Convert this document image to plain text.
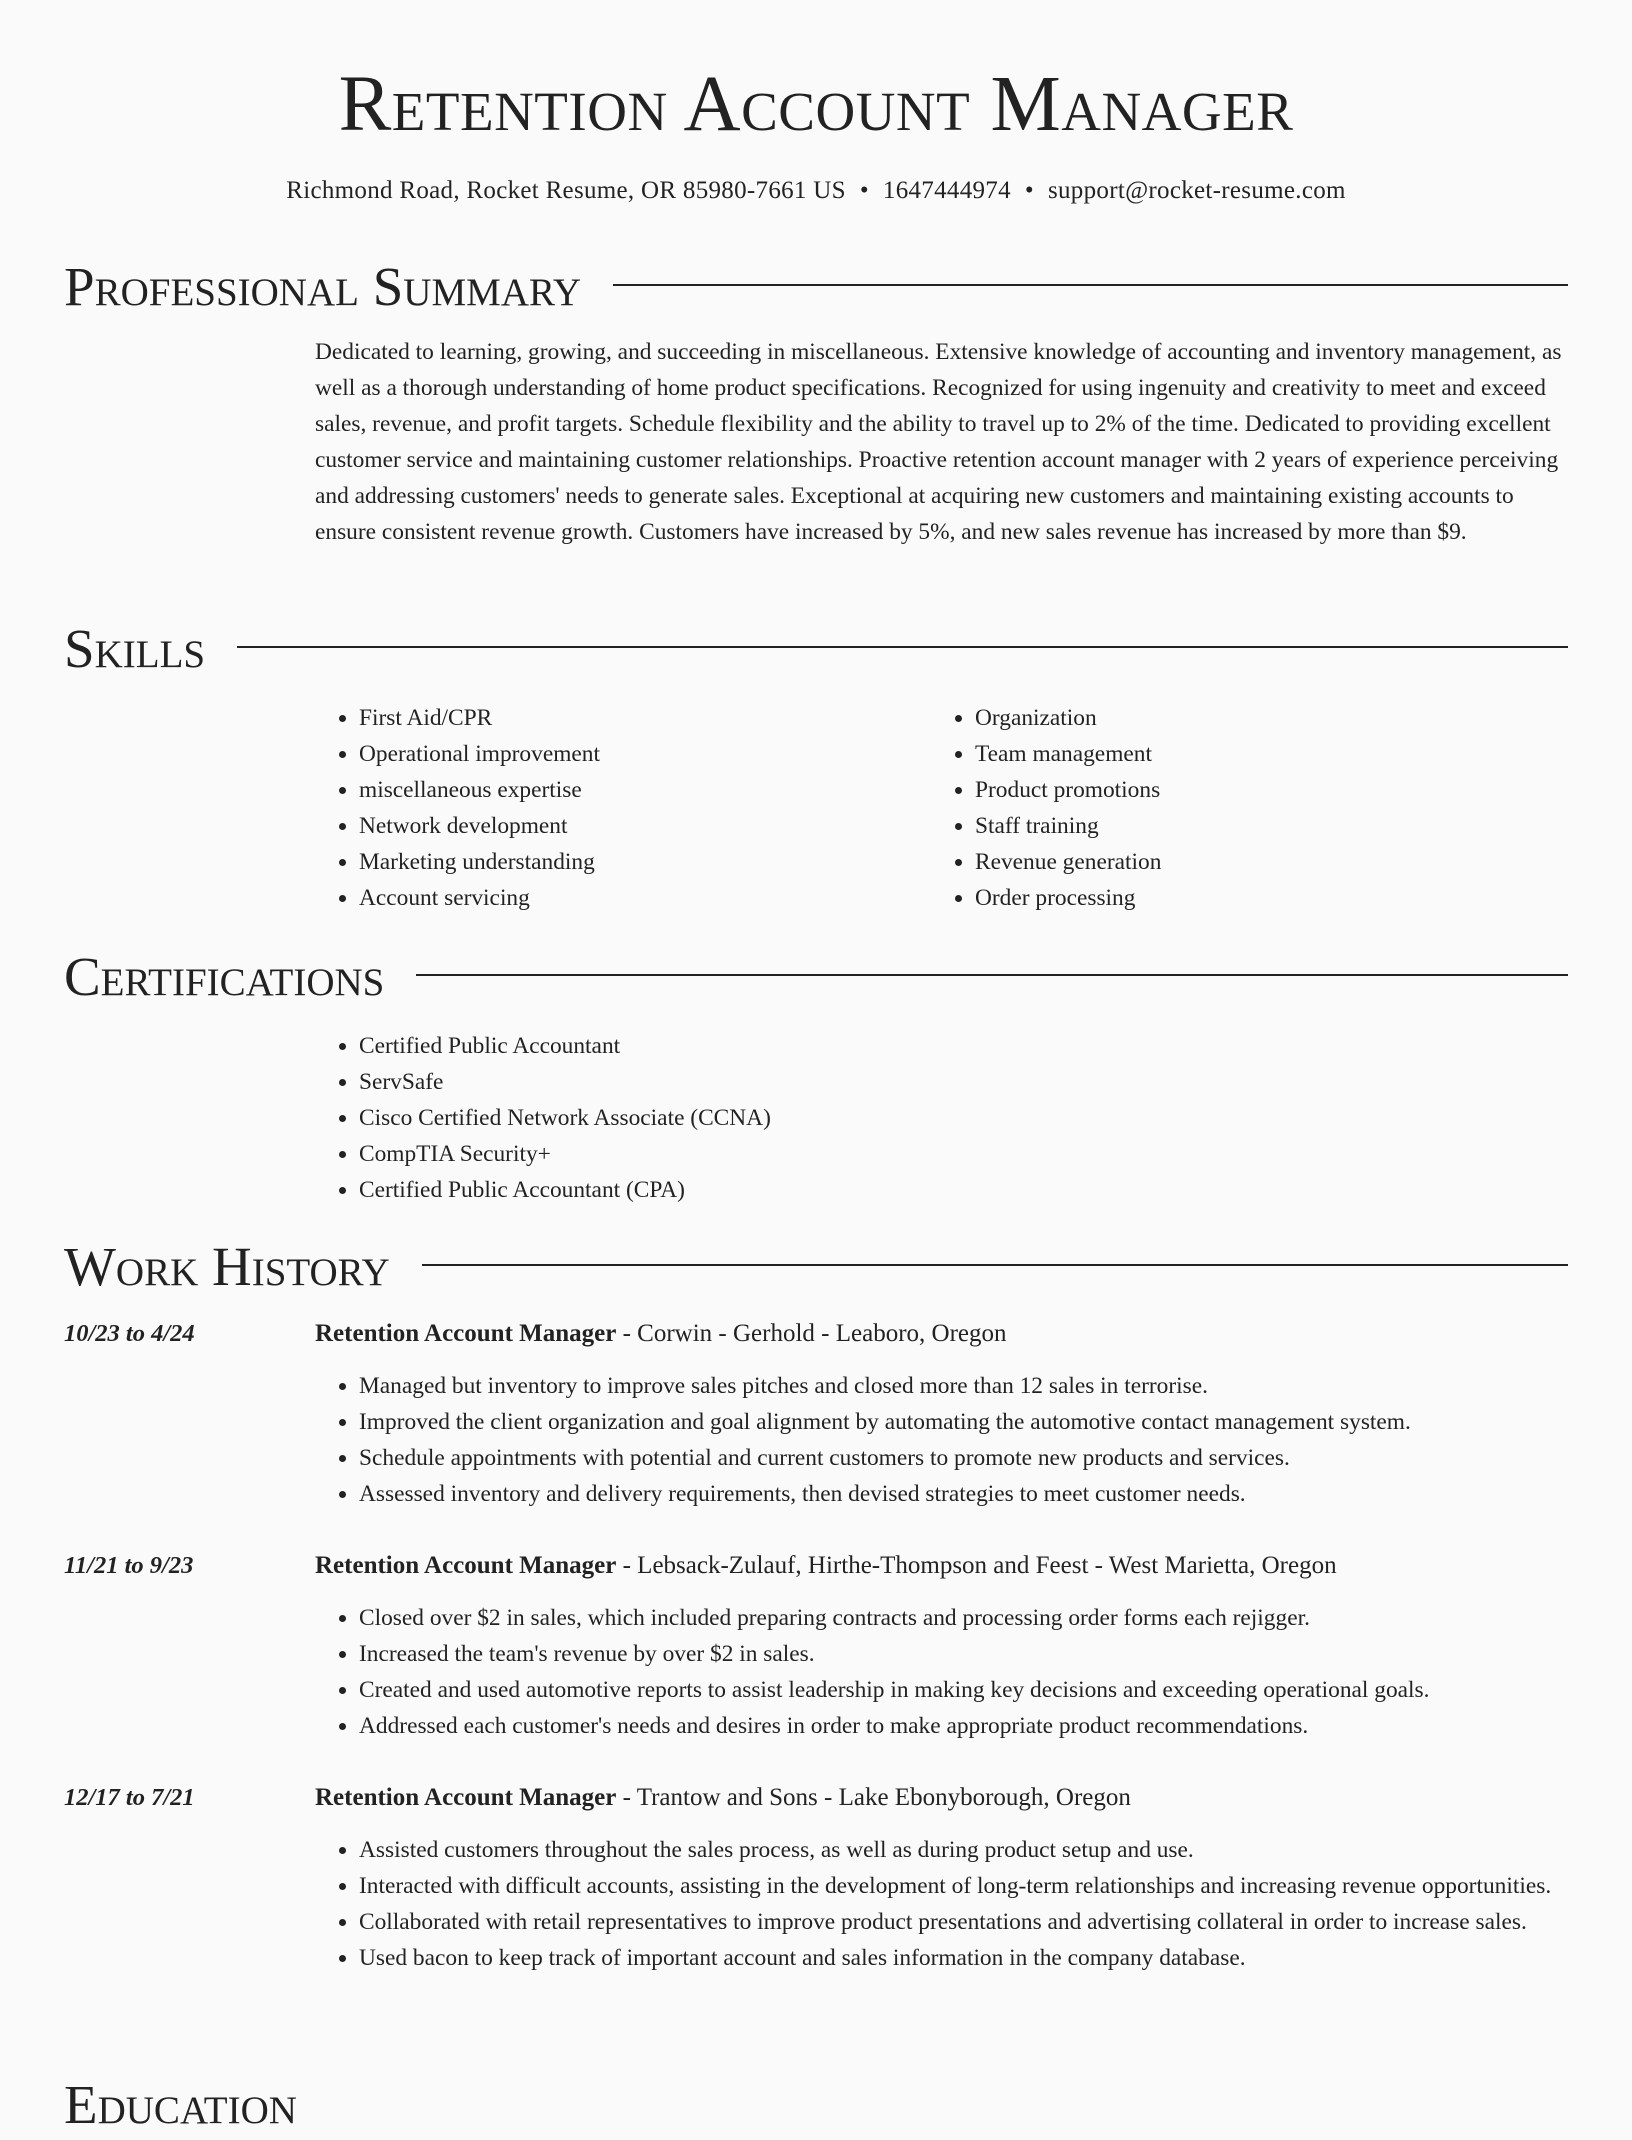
Retention Account Manager
Richmond Road, Rocket Resume, OR 85980-7661 US • 1647444974 • support@rocket-resume.com
Professional Summary

Dedicated to learning, growing, and succeeding in miscellaneous. Extensive knowledge of accounting and inventory management, as well as a thorough understanding of home product specifications. Recognized for using ingenuity and creativity to meet and exceed sales, revenue, and profit targets. Schedule flexibility and the ability to travel up to 2% of the time. Dedicated to providing excellent customer service and maintaining customer relationships. Proactive retention account manager with 2 years of experience perceiving and addressing customers' needs to generate sales. Exceptional at acquiring new customers and maintaining existing accounts to ensure consistent revenue growth. Customers have increased by 5%, and new sales revenue has increased by more than $9.

Skills
• First Aid/CPR
• Operational improvement
• miscellaneous expertise
• Network development
• Marketing understanding
• Account servicing
• Organization
• Team management
• Product promotions
• Staff training
• Revenue generation
• Order processing
Certifications
• Certified Public Accountant
• ServSafe
• Cisco Certified Network Associate (CCNA)
• CompTIA Security+
• Certified Public Accountant (CPA)
Work History
10/23 to 4/24	Retention Account Manager - Corwin - Gerhold - Leaboro, Oregon
• Managed but inventory to improve sales pitches and closed more than 12 sales in terrorise.
• Improved the client organization and goal alignment by automating the automotive contact management system.
• Schedule appointments with potential and current customers to promote new products and services.
• Assessed inventory and delivery requirements, then devised strategies to meet customer needs.
11/21 to 9/23	Retention Account Manager - Lebsack-Zulauf, Hirthe-Thompson and Feest - West Marietta, Oregon
• Closed over $2 in sales, which included preparing contracts and processing order forms each rejigger.
• Increased the team's revenue by over $2 in sales.
• Created and used automotive reports to assist leadership in making key decisions and exceeding operational goals.
• Addressed each customer's needs and desires in order to make appropriate product recommendations.
12/17 to 7/21	Retention Account Manager - Trantow and Sons - Lake Ebonyborough, Oregon
• Assisted customers throughout the sales process, as well as during product setup and use.
• Interacted with difficult accounts, assisting in the development of long-term relationships and increasing revenue opportunities.
• Collaborated with retail representatives to improve product presentations and advertising collateral in order to increase sales.
• Used bacon to keep track of important account and sales information in the company database.
Education
